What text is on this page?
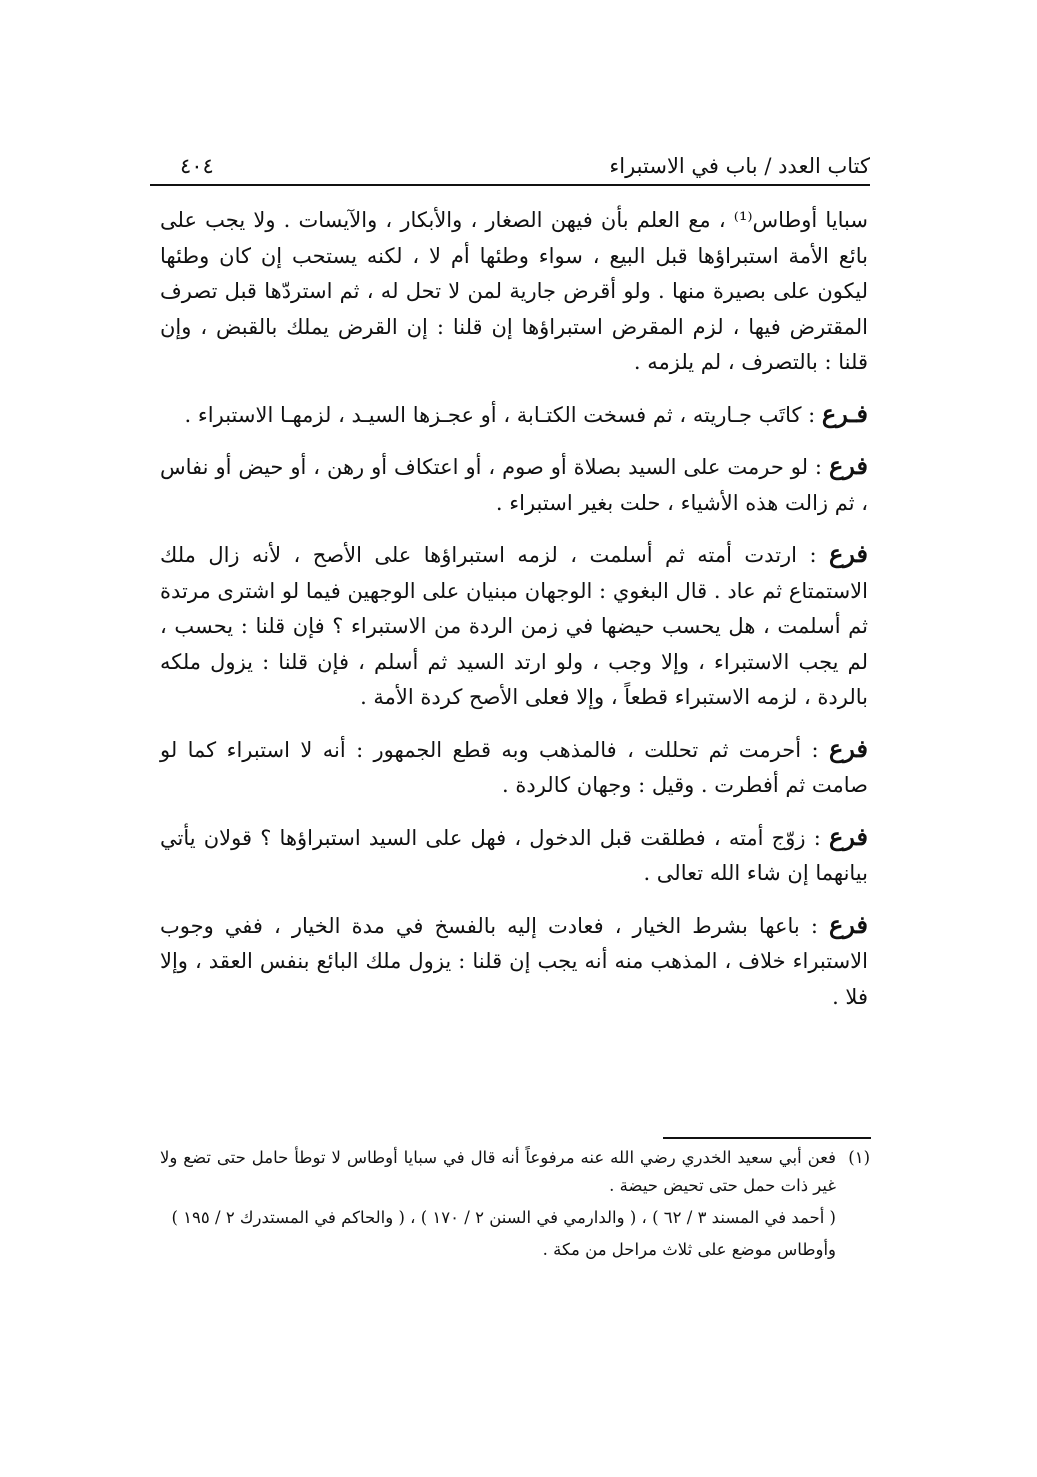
كتاب العدد / باب في الاستبراء
٤٠٤

سبايا أوطاس⁽¹⁾ ، مع العلم بأن فيهن الصغار ، والأبكار ، والآيسات . ولا يجب على بائع الأمة استبراؤها قبل البيع ، سواء وطئها أم لا ، لكنه يستحب إن كان وطئها ليكون على بصيرة منها . ولو أقرض جارية لمن لا تحل له ، ثم استردّها قبل تصرف المقترض فيها ، لزم المقرض استبراؤها إن قلنا : إن القرض يملك بالقبض ، وإن قلنا : بالتصرف ، لم يلزمه .

فـرع : كاتَب جـاريته ، ثم فسخت الكتـابة ، أو عجـزها السيـد ، لزمهـا الاستبراء .

فرع : لو حرمت على السيد بصلاة أو صوم ، أو اعتكاف أو رهن ، أو حيض أو نفاس ، ثم زالت هذه الأشياء ، حلت بغير استبراء .

فرع : ارتدت أمته ثم أسلمت ، لزمه استبراؤها على الأصح ، لأنه زال ملك الاستمتاع ثم عاد . قال البغوي : الوجهان مبنيان على الوجهين فيما لو اشترى مرتدة ثم أسلمت ، هل يحسب حيضها في زمن الردة من الاستبراء ؟ فإن قلنا : يحسب ، لم يجب الاستبراء ، وإلا وجب ، ولو ارتد السيد ثم أسلم ، فإن قلنا : يزول ملكه بالردة ، لزمه الاستبراء قطعاً ، وإلا فعلى الأصح كردة الأمة .

فرع : أحرمت ثم تحللت ، فالمذهب وبه قطع الجمهور : أنه لا استبراء كما لو صامت ثم أفطرت . وقيل : وجهان كالردة .

فرع : زوّج أمته ، فطلقت قبل الدخول ، فهل على السيد استبراؤها ؟ قولان يأتي بيانهما إن شاء الله تعالى .

فرع : باعها بشرط الخيار ، فعادت إليه بالفسخ في مدة الخيار ، ففي وجوب الاستبراء خلاف ، المذهب منه أنه يجب إن قلنا : يزول ملك البائع بنفس العقد ، وإلا فلا .

(١)
فعن أبي سعيد الخدري رضي الله عنه مرفوعاً أنه قال في سبايا أوطاس لا توطأ حامل حتى تضع ولا غير ذات حمل حتى تحيض حيضة .

( أحمد في المسند ٣ / ٦٢ ) ، ( والدارمي في السنن ٢ / ١٧٠ ) ، ( والحاكم في المستدرك ٢ / ١٩٥ )

وأوطاس موضع على ثلاث مراحل من مكة .
